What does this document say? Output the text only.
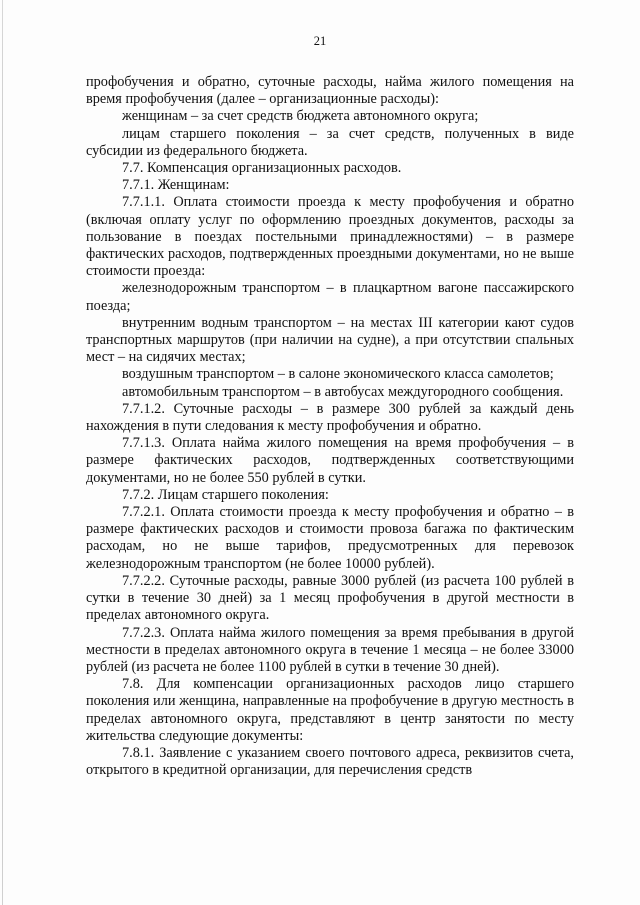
21

профобучения и обратно, суточные расходы, найма жилого помещения на время профобучения (далее – организационные расходы):

женщинам – за счет средств бюджета автономного округа;

лицам старшего поколения – за счет средств, полученных в виде субсидии из федерального бюджета.

7.7. Компенсация организационных расходов.

7.7.1. Женщинам:

7.7.1.1. Оплата стоимости проезда к месту профобучения и обратно (включая оплату услуг по оформлению проездных документов, расходы за пользование в поездах постельными принадлежностями) – в размере фактических расходов, подтвержденных проездными документами, но не выше стоимости проезда:

железнодорожным транспортом – в плацкартном вагоне пассажирского поезда;

внутренним водным транспортом – на местах III категории кают судов транспортных маршрутов (при наличии на судне), а при отсутствии спальных мест – на сидячих местах;

воздушным транспортом – в салоне экономического класса самолетов;

автомобильным транспортом – в автобусах междугородного сообщения.

7.7.1.2. Суточные расходы – в размере 300 рублей за каждый день нахождения в пути следования к месту профобучения и обратно.

7.7.1.3. Оплата найма жилого помещения на время профобучения – в размере фактических расходов, подтвержденных соответствующими документами, но не более 550 рублей в сутки.

7.7.2. Лицам старшего поколения:

7.7.2.1. Оплата стоимости проезда к месту профобучения и обратно – в размере фактических расходов и стоимости провоза багажа по фактическим расходам, но не выше тарифов, предусмотренных для перевозок железнодорожным транспортом (не более 10000 рублей).

7.7.2.2. Суточные расходы, равные 3000 рублей (из расчета 100 рублей в сутки в течение 30 дней) за 1 месяц профобучения в другой местности в пределах автономного округа.

7.7.2.3. Оплата найма жилого помещения за время пребывания в другой местности в пределах автономного округа в течение 1 месяца – не более 33000 рублей (из расчета не более 1100 рублей в сутки в течение 30 дней).

7.8. Для компенсации организационных расходов лицо старшего поколения или женщина, направленные на профобучение в другую местность в пределах автономного округа, представляют в центр занятости по месту жительства следующие документы:

7.8.1. Заявление с указанием своего почтового адреса, реквизитов счета, открытого в кредитной организации, для перечисления средств
